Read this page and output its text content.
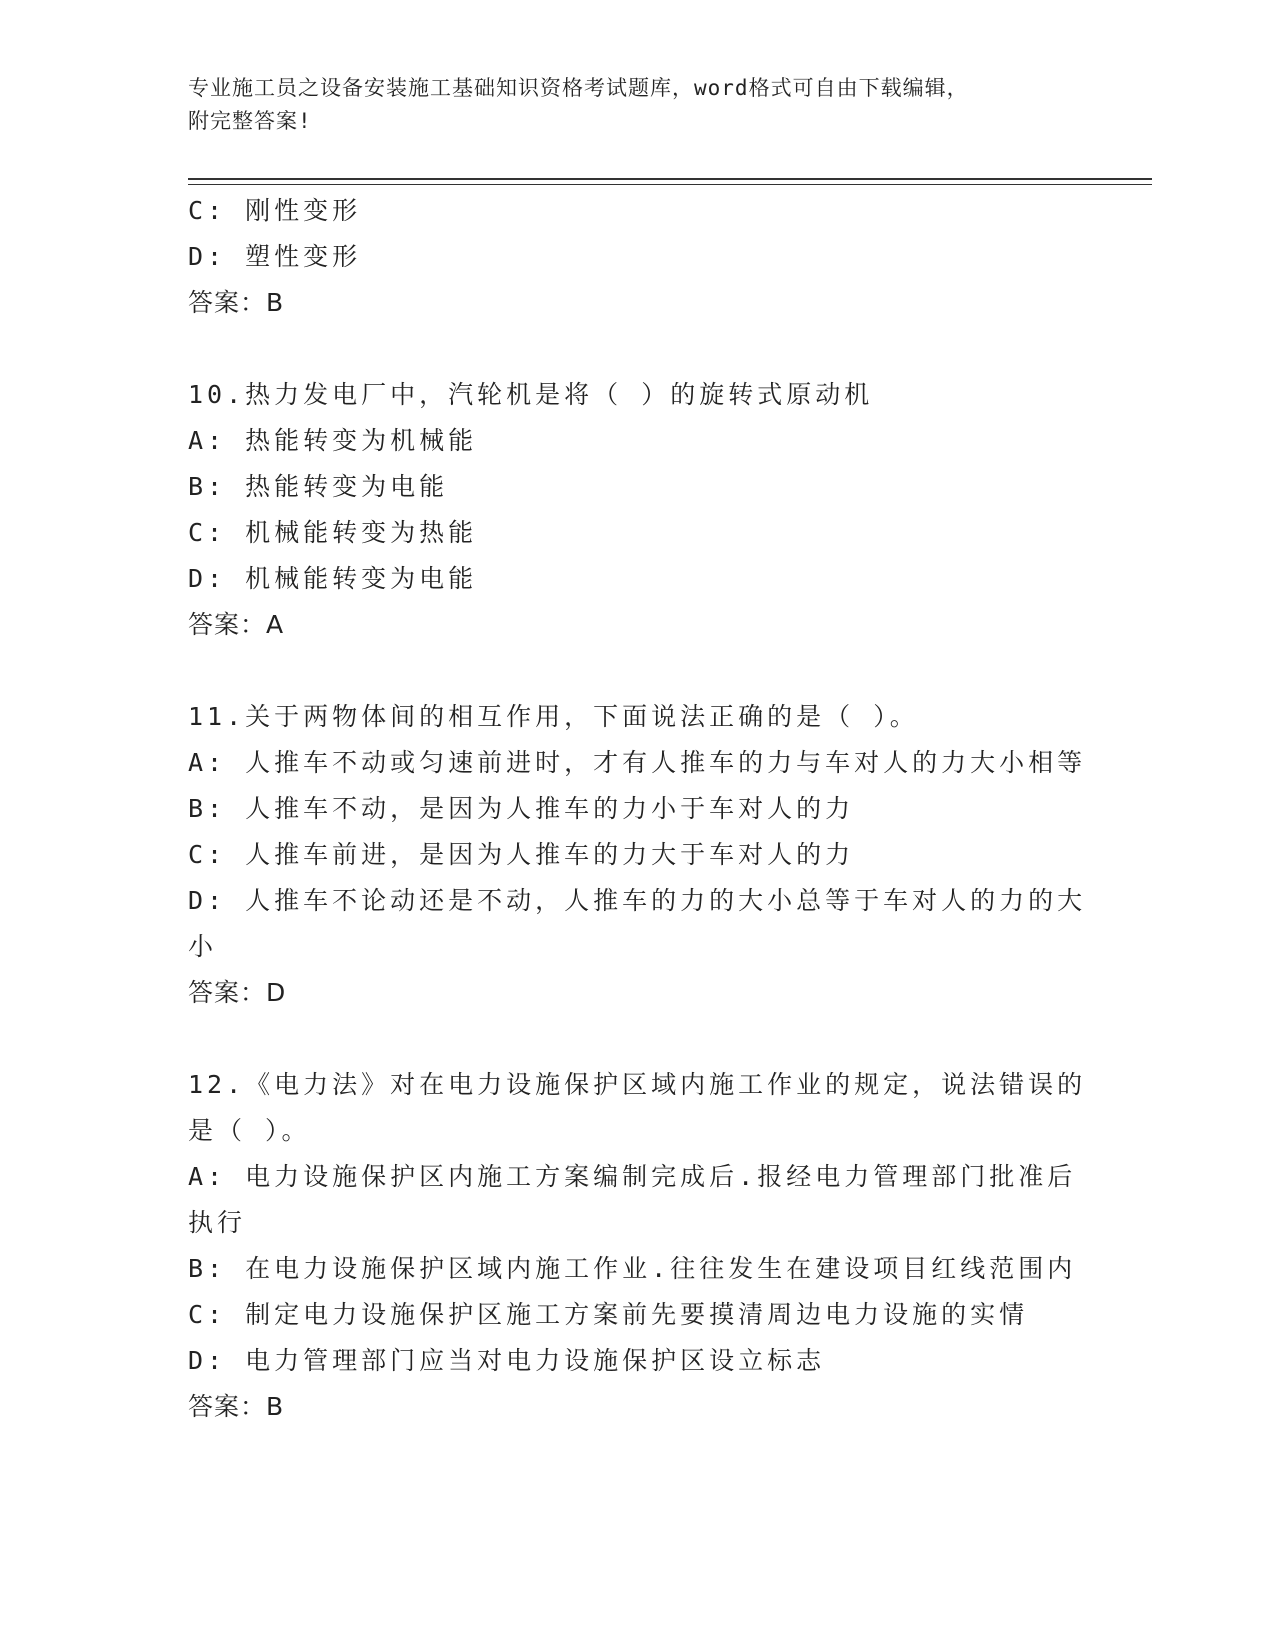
专业施工员之设备安装施工基础知识资格考试题库，word格式可自由下载编辑，
附完整答案!
C: 刚性变形
D: 塑性变形
答案：B
10.热力发电厂中，汽轮机是将（ ）的旋转式原动机
A: 热能转变为机械能
B: 热能转变为电能
C: 机械能转变为热能
D: 机械能转变为电能
答案：A
11.关于两物体间的相互作用，下面说法正确的是（ ）。
A: 人推车不动或匀速前进时，才有人推车的力与车对人的力大小相等
B: 人推车不动，是因为人推车的力小于车对人的力
C: 人推车前进，是因为人推车的力大于车对人的力
D: 人推车不论动还是不动，人推车的力的大小总等于车对人的力的大
小
答案：D
12.《电力法》对在电力设施保护区域内施工作业的规定，说法错误的
是（ ）。
A: 电力设施保护区内施工方案编制完成后.报经电力管理部门批准后
执行
B: 在电力设施保护区域内施工作业.往往发生在建设项目红线范围内
C: 制定电力设施保护区施工方案前先要摸清周边电力设施的实情
D: 电力管理部门应当对电力设施保护区设立标志
答案：B
